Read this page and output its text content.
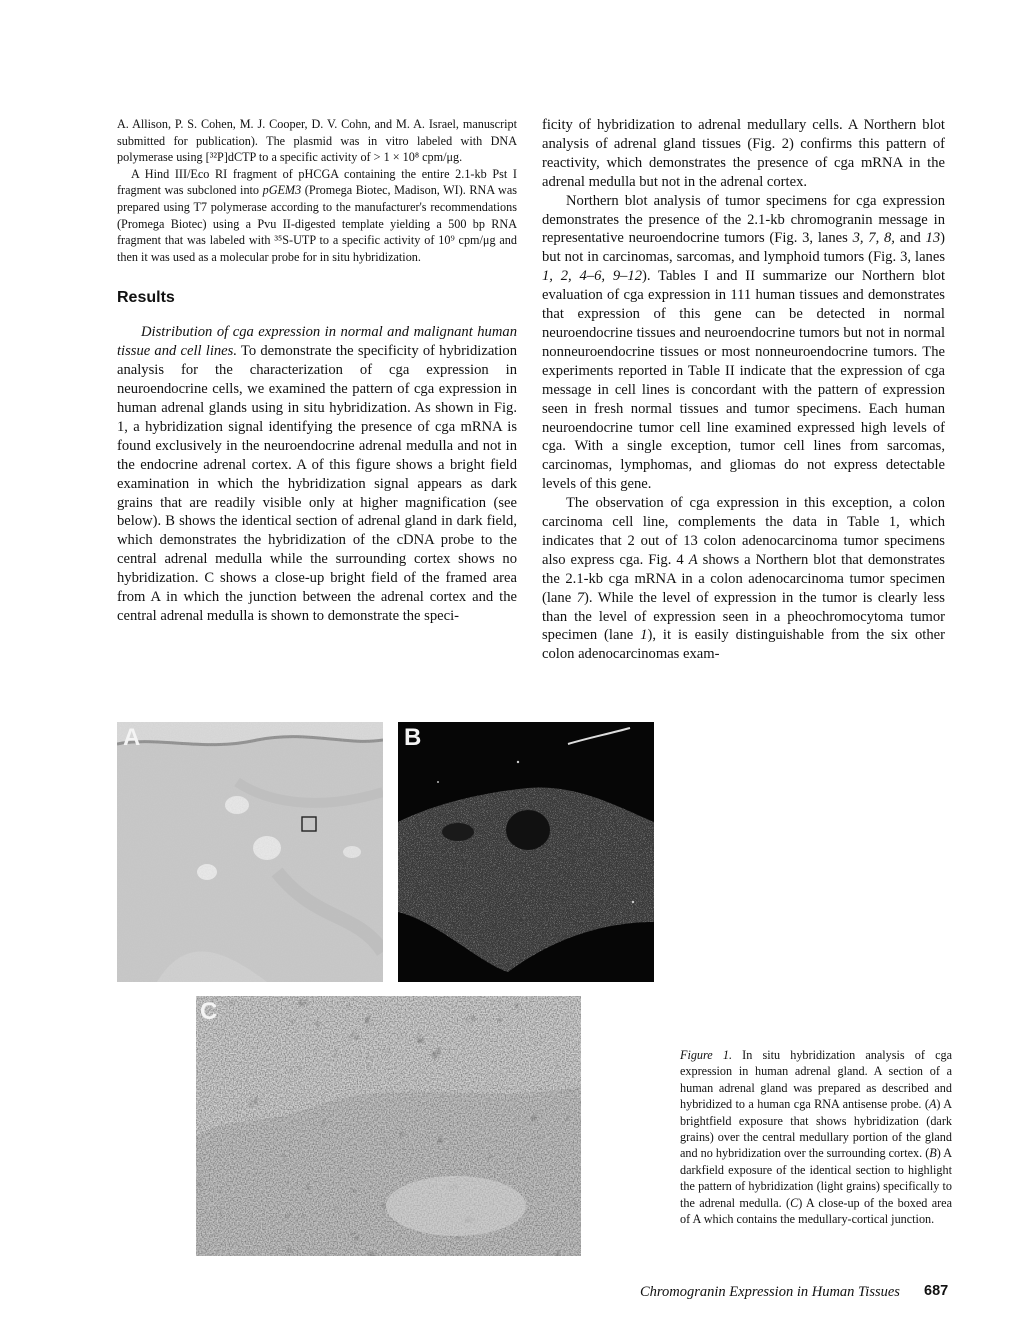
A. Allison, P. S. Cohen, M. J. Cooper, D. V. Cohn, and M. A. Israel, manuscript submitted for publication). The plasmid was in vitro labeled with DNA polymerase using [³²P]dCTP to a specific activity of > 1 × 10⁸ cpm/μg.

A Hind III/Eco RI fragment of pHCGA containing the entire 2.1-kb Pst I fragment was subcloned into pGEM3 (Promega Biotec, Madison, WI). RNA was prepared using T7 polymerase according to the manufacturer's recommendations (Promega Biotec) using a Pvu II-digested template yielding a 500 bp RNA fragment that was labeled with ³⁵S-UTP to a specific activity of 10⁹ cpm/μg and then it was used as a molecular probe for in situ hybridization.

Results

Distribution of cga expression in normal and malignant human tissue and cell lines. To demonstrate the specificity of hybridization analysis for the characterization of cga expression in neuroendocrine cells, we examined the pattern of cga expression in human adrenal glands using in situ hybridization. As shown in Fig. 1, a hybridization signal identifying the presence of cga mRNA is found exclusively in the neuroendocrine adrenal medulla and not in the endocrine adrenal cortex. A of this figure shows a bright field examination in which the hybridization signal appears as dark grains that are readily visible only at higher magnification (see below). B shows the identical section of adrenal gland in dark field, which demonstrates the hybridization of the cDNA probe to the central adrenal medulla while the surrounding cortex shows no hybridization. C shows a close-up bright field of the framed area from A in which the junction between the adrenal cortex and the central adrenal medulla is shown to demonstrate the speci-

ficity of hybridization to adrenal medullary cells. A Northern blot analysis of adrenal gland tissues (Fig. 2) confirms this pattern of reactivity, which demonstrates the presence of cga mRNA in the adrenal medulla but not in the adrenal cortex.

Northern blot analysis of tumor specimens for cga expression demonstrates the presence of the 2.1-kb chromogranin message in representative neuroendocrine tumors (Fig. 3, lanes 3, 7, 8, and 13) but not in carcinomas, sarcomas, and lymphoid tumors (Fig. 3, lanes 1, 2, 4–6, 9–12). Tables I and II summarize our Northern blot evaluation of cga expression in 111 human tissues and demonstrates that expression of this gene can be detected in normal neuroendocrine tissues and neuroendocrine tumors but not in normal nonneuroendocrine tissues or most nonneuroendocrine tumors. The experiments reported in Table II indicate that the expression of cga message in cell lines is concordant with the pattern of expression seen in fresh normal tissues and tumor specimens. Each human neuroendocrine tumor cell line examined expressed high levels of cga. With a single exception, tumor cell lines from sarcomas, carcinomas, lymphomas, and gliomas do not express detectable levels of this gene.

The observation of cga expression in this exception, a colon carcinoma cell line, complements the data in Table 1, which indicates that 2 out of 13 colon adenocarcinoma tumor specimens also express cga. Fig. 4 A shows a Northern blot that demonstrates the 2.1-kb cga mRNA in a colon adenocarcinoma tumor specimen (lane 7). While the level of expression in the tumor is clearly less than the level of expression seen in a pheochromocytoma tumor specimen (lane 1), it is easily distinguishable from the six other colon adenocarcinomas exam-

A	B
C
Figure 1. In situ hybridization analysis of cga expression in human adrenal gland. A section of a human adrenal gland was prepared as described and hybridized to a human cga RNA antisense probe. (A) A brightfield exposure that shows hybridization (dark grains) over the central medullary portion of the gland and no hybridization over the surrounding cortex. (B) A darkfield exposure of the identical section to highlight the pattern of hybridization (light grains) specifically to the adrenal medulla. (C) A close-up of the boxed area of A which contains the medullary-cortical junction.
Chromogranin Expression in Human Tissues 687
